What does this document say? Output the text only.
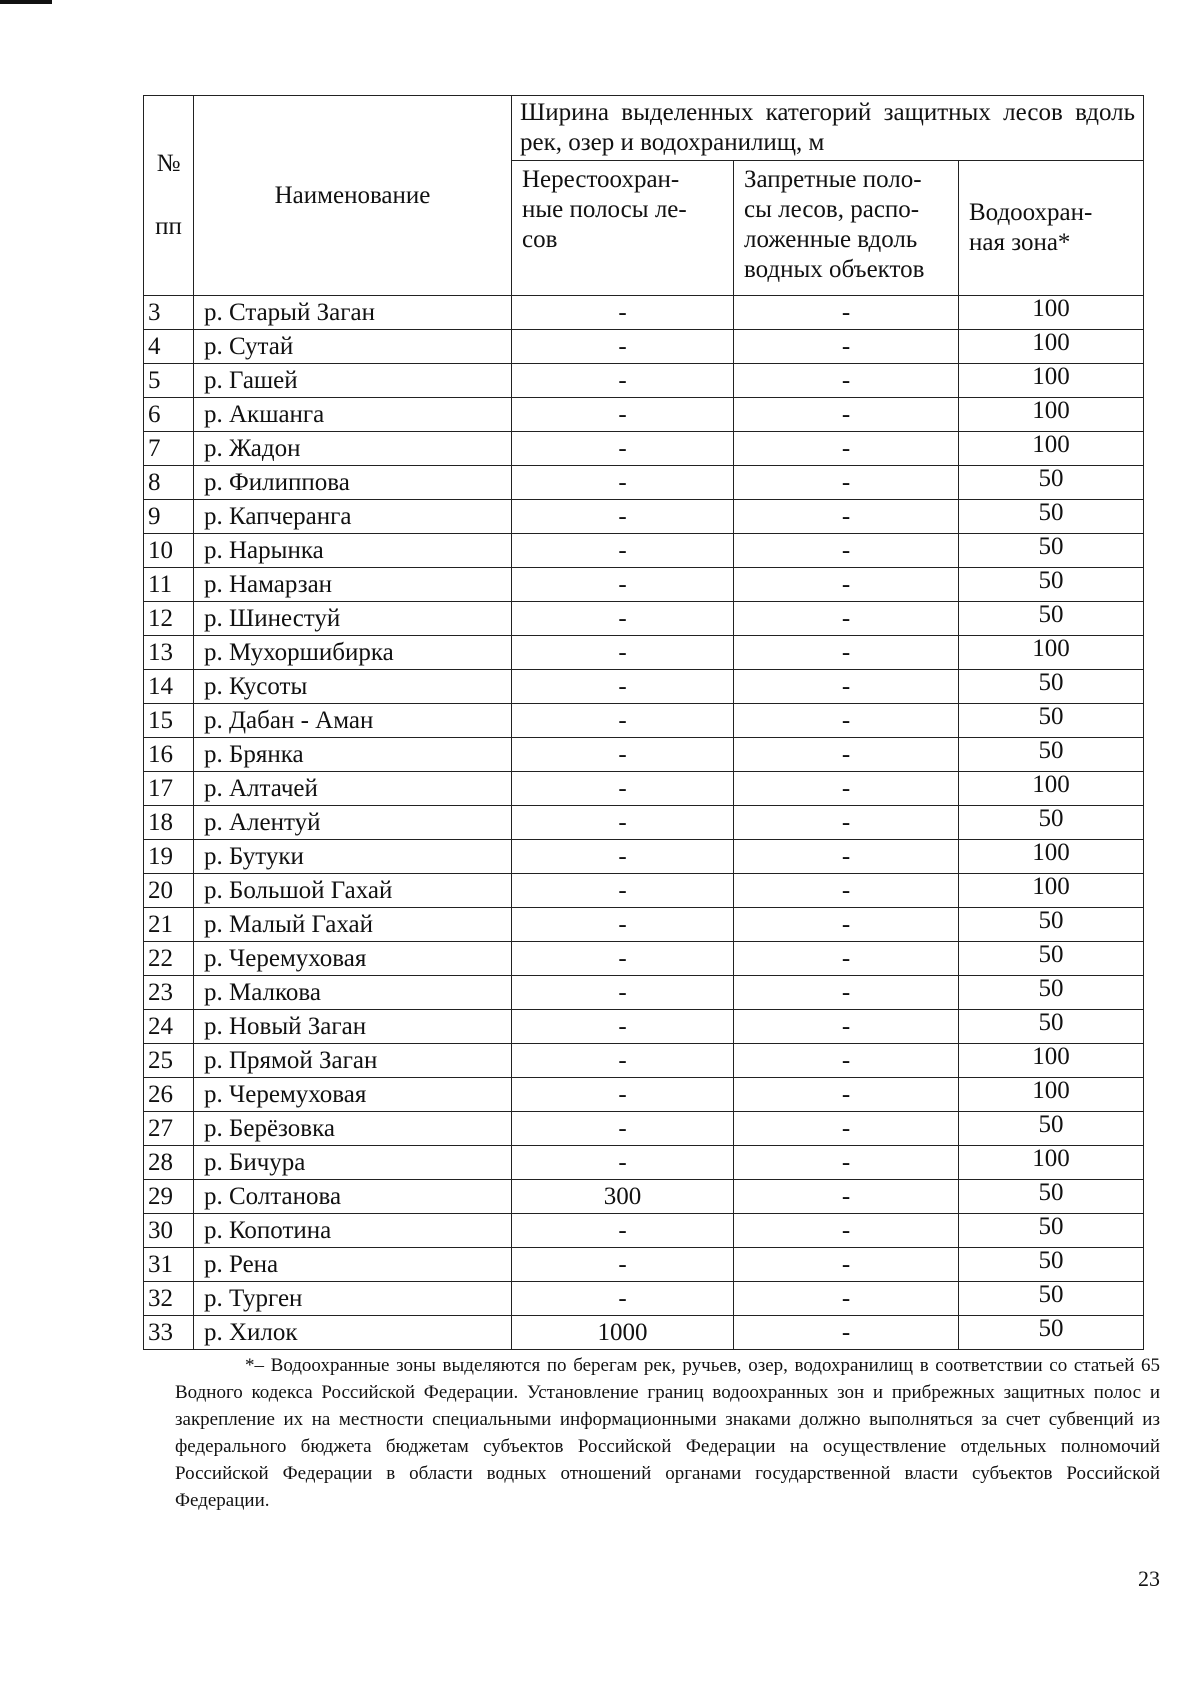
№ пп	Наименование	Ширина выделенных категорий защитных лесов вдоль рек, озер и водохранилищ, м		
		Нерестоохран- ные полосы ле- сов	Запретные поло- сы лесов, распо- ложенные вдоль водных объектов	Водоохран- ная зона*
3	р. Старый Заган	-	-	100
4	р. Сутай	-	-	100
5	р. Гашей	-	-	100
6	р. Акшанга	-	-	100
7	р. Жадон	-	-	100
8	р. Филиппова	-	-	50
9	р. Капчеранга	-	-	50
10	р. Нарынка	-	-	50
11	р. Намарзан	-	-	50
12	р. Шинестуй	-	-	50
13	р. Мухоршибирка	-	-	100
14	р. Кусоты	-	-	50
15	р. Дабан - Аман	-	-	50
16	р. Брянка	-	-	50
17	р. Алтачей	-	-	100
18	р. Алентуй	-	-	50
19	р. Бутуки	-	-	100
20	р. Большой Гахай	-	-	100
21	р. Малый Гахай	-	-	50
22	р. Черемуховая	-	-	50
23	р. Малкова	-	-	50
24	р. Новый Заган	-	-	50
25	р. Прямой Заган	-	-	100
26	р. Черемуховая	-	-	100
27	р. Берёзовка	-	-	50
28	р. Бичура	-	-	100
29	р. Солтанова	300	-	50
30	р. Копотина	-	-	50
31	р. Рена	-	-	50
32	р. Турген	-	-	50
33	р. Хилок	1000	-	50
*– Водоохранные зоны выделяются по берегам рек, ручьев, озер, водохранилищ в соответствии со статьей 65 Водного кодекса Российской Федерации. Установление границ водоохранных зон и прибрежных защитных полос и закрепление их на местности специальными информационными знаками должно выполняться за счет субвенций из федерального бюджета бюджетам субъектов Российской Федерации на осуществление отдельных полномочий Российской Федерации в области водных отношений органами государственной власти субъектов Российской Федерации.
23
